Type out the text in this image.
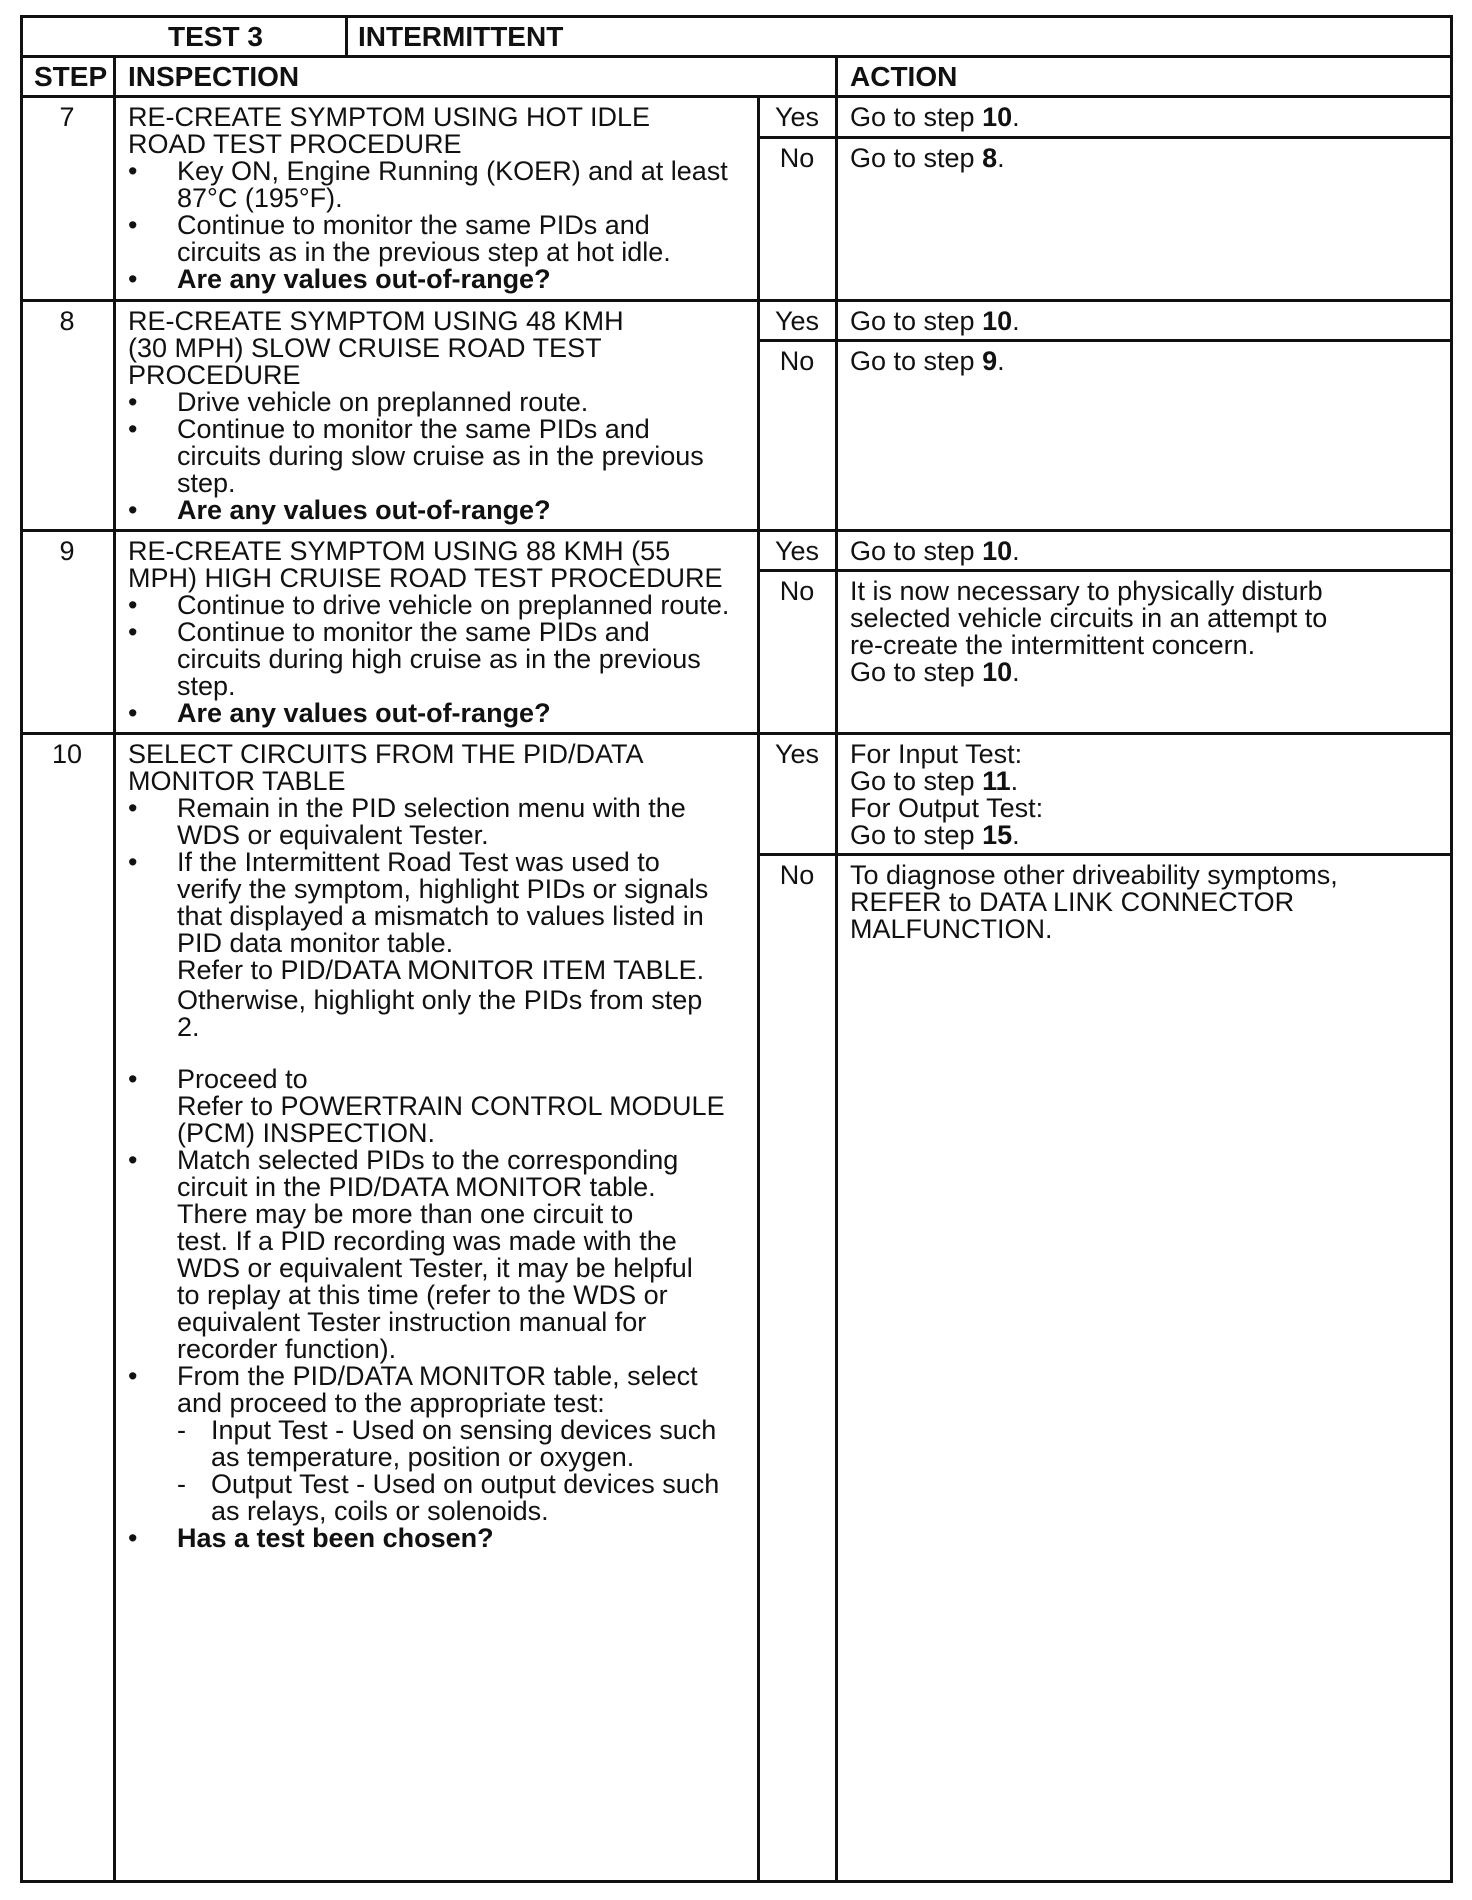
TEST 3	INTERMITTENT
STEP INSPECTION	ACTION
7	RE-CREATE SYMPTOM USING HOT IDLE
ROAD TEST PROCEDURE
• Key ON, Engine Running (KOER) and at least
87°C (195°F).
• Continue to monitor the same PIDs and
circuits as in the previous step at hot idle.
• Are any values out-of-range?
Yes	Go to step 10.
No	Go to step 8.
8	RE-CREATE SYMPTOM USING 48 KMH
(30 MPH) SLOW CRUISE ROAD TEST
PROCEDURE
• Drive vehicle on preplanned route.
• Continue to monitor the same PIDs and
circuits during slow cruise as in the previous
step.
• Are any values out-of-range?
Yes	Go to step 10.
No	Go to step 9.
9	RE-CREATE SYMPTOM USING 88 KMH (55
MPH) HIGH CRUISE ROAD TEST PROCEDURE
• Continue to drive vehicle on preplanned route.
• Continue to monitor the same PIDs and
circuits during high cruise as in the previous
step.
• Are any values out-of-range?
Yes	Go to step 10.
No	It is now necessary to physically disturb
selected vehicle circuits in an attempt to
re-create the intermittent concern.
Go to step 10.
10	SELECT CIRCUITS FROM THE PID/DATA
MONITOR TABLE
• Remain in the PID selection menu with the
WDS or equivalent Tester.
• If the Intermittent Road Test was used to
verify the symptom, highlight PIDs or signals
that displayed a mismatch to values listed in
PID data monitor table.
Refer to PID/DATA MONITOR ITEM TABLE.
Otherwise, highlight only the PIDs from step
2.
• Proceed to
Refer to POWERTRAIN CONTROL MODULE
(PCM) INSPECTION.
• Match selected PIDs to the corresponding
circuit in the PID/DATA MONITOR table.
There may be more than one circuit to
test. If a PID recording was made with the
WDS or equivalent Tester, it may be helpful
to replay at this time (refer to the WDS or
equivalent Tester instruction manual for
recorder function).
• From the PID/DATA MONITOR table, select
and proceed to the appropriate test:
- Input Test - Used on sensing devices such
as temperature, position or oxygen.
- Output Test - Used on output devices such
as relays, coils or solenoids.
• Has a test been chosen?
Yes	For Input Test:
Go to step 11.
For Output Test:
Go to step 15.
No	To diagnose other driveability symptoms,
REFER to DATA LINK CONNECTOR
MALFUNCTION.
